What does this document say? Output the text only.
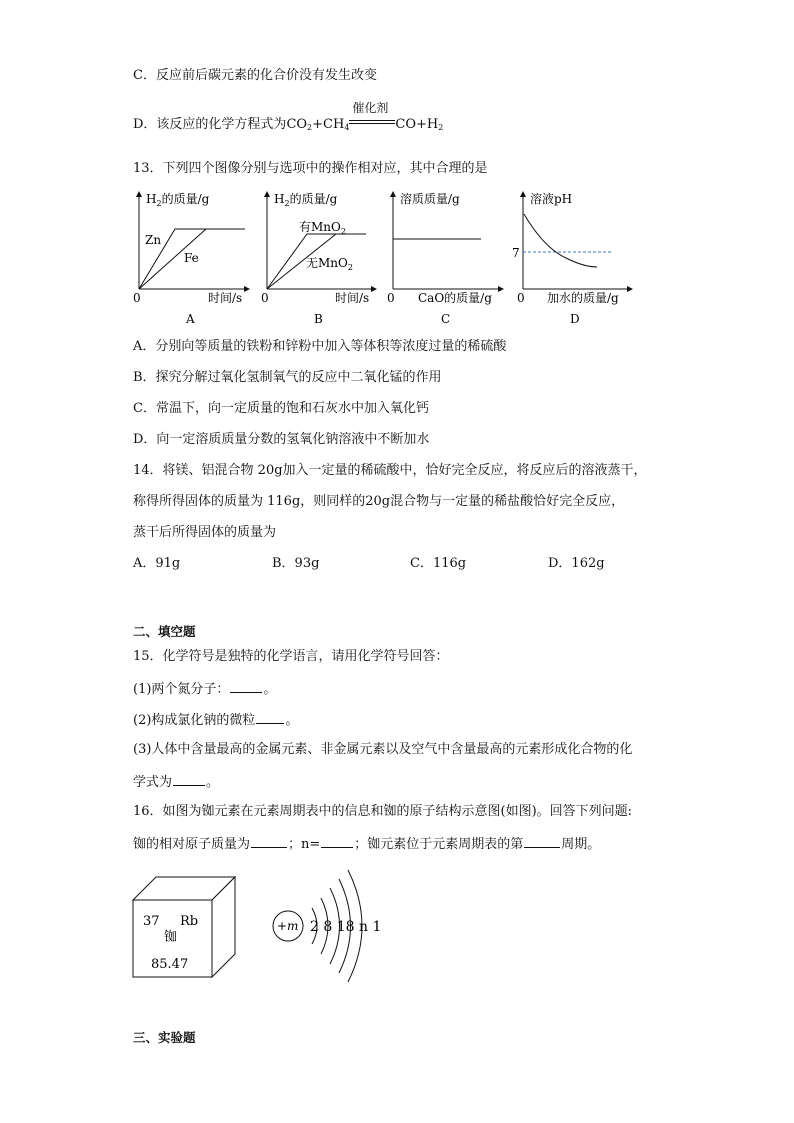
C．反应前后碳元素的化合价没有发生改变
D．该反应的化学方程式为$CO_2+CH_4$
催化剂
$CO+H_2$
13．下列四个图像分别与选项中的操作相对应，其中合理的是
$H_2$的质量/g
Zn
Fe
0	时间/s
A
$H_2$的质量/g
有MnO$_2$
无MnO$_2$
0	时间/s
B
溶质质量/g
0 CaO的质量/g
C
溶液pH
7
0 加水的质量/g
D
A．分别向等质量的铁粉和锌粉中加入等体积等浓度过量的稀硫酸
B．探究分解过氧化氢制氧气的反应中二氧化锰的作用
C．常温下，向一定质量的饱和石灰水中加入氧化钙
D．向一定溶质质量分数的氢氧化钠溶液中不断加水
14．将镁、铝混合物 20g加入一定量的稀硫酸中，恰好完全反应，将反应后的溶液蒸干，
称得所得固体的质量为 116g，则同样的20g混合物与一定量的稀盐酸恰好完全反应，
蒸干后所得固体的质量为
A．91g	B．93g	C．116g	D．162g
二、填空题
15．化学符号是独特的化学语言，请用化学符号回答：
(1)两个氮分子：	。
(2)构成氯化钠的微粒 。
(3)人体中含量最高的金属元素、非金属元素以及空气中含量最高的元素形成化合物的化
学式为	。
16．如图为铷元素在元素周期表中的信息和铷的原子结构示意图(如图)。回答下列问题:
铷的相对原子质量为	；n=	；铷元素位于元素周期表的第	周期。
37 Rb
铷
85.47
+m 2 8 18 n 1
三、实验题
